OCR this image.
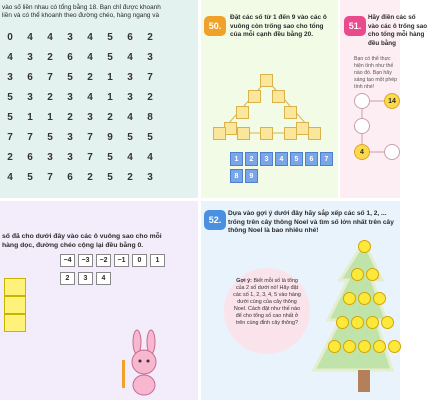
vào số liền nhau có tổng bằng 18. Bạn chỉ được khoanh
liền và có thể khoanh theo đường chéo, hàng ngang và
0	4	4	3	4	5	6	2
4	3	2	6	4	5	4	3
3	6	7	5	2	1	3	7
5	3	2	3	4	1	3	2
5	1	1	2	3	2	4	8
7	7	5	3	7	9	5	5
2	6	3	3	7	5	4	4
4	5	7	6	2	5	2	3
50.
Đặt các số từ 1 đến 9 vào các ô vuông còn trống sao cho tổng của mỗi cạnh đều bằng 20.
1	2	3	4	5	6	7
8	9
51.
Hãy điền các số vào các ô trống sao cho tổng mỗi hàng đều bằng
Bạn có thể thực hiện tính như thế nào đó. Bạn hãy sáng tạo một phép tính nhé!
14
4
số đã cho dưới đây vào các ô vuông sao cho mỗi
hàng dọc, đường chéo cộng lại đều bằng 0.
−4	−3	−2	−1	0	1
2	3	4
52.
Dựa vào gợi ý dưới đây hãy sắp xếp các số 1, 2, ... trống trên cây thông Noel và tìm số lớn nhất trên cây thông Noel là bao nhiêu nhé!
Gợi ý: Biết mỗi số là tổng của 2 số dưới nó! Hãy đặt các số 1, 2, 3, 4, 5 vào hàng dưới cùng của cây thông Noel. Cách đặt như thế nào để cho tổng số cao nhất ở trên cùng đỉnh cây thông?
